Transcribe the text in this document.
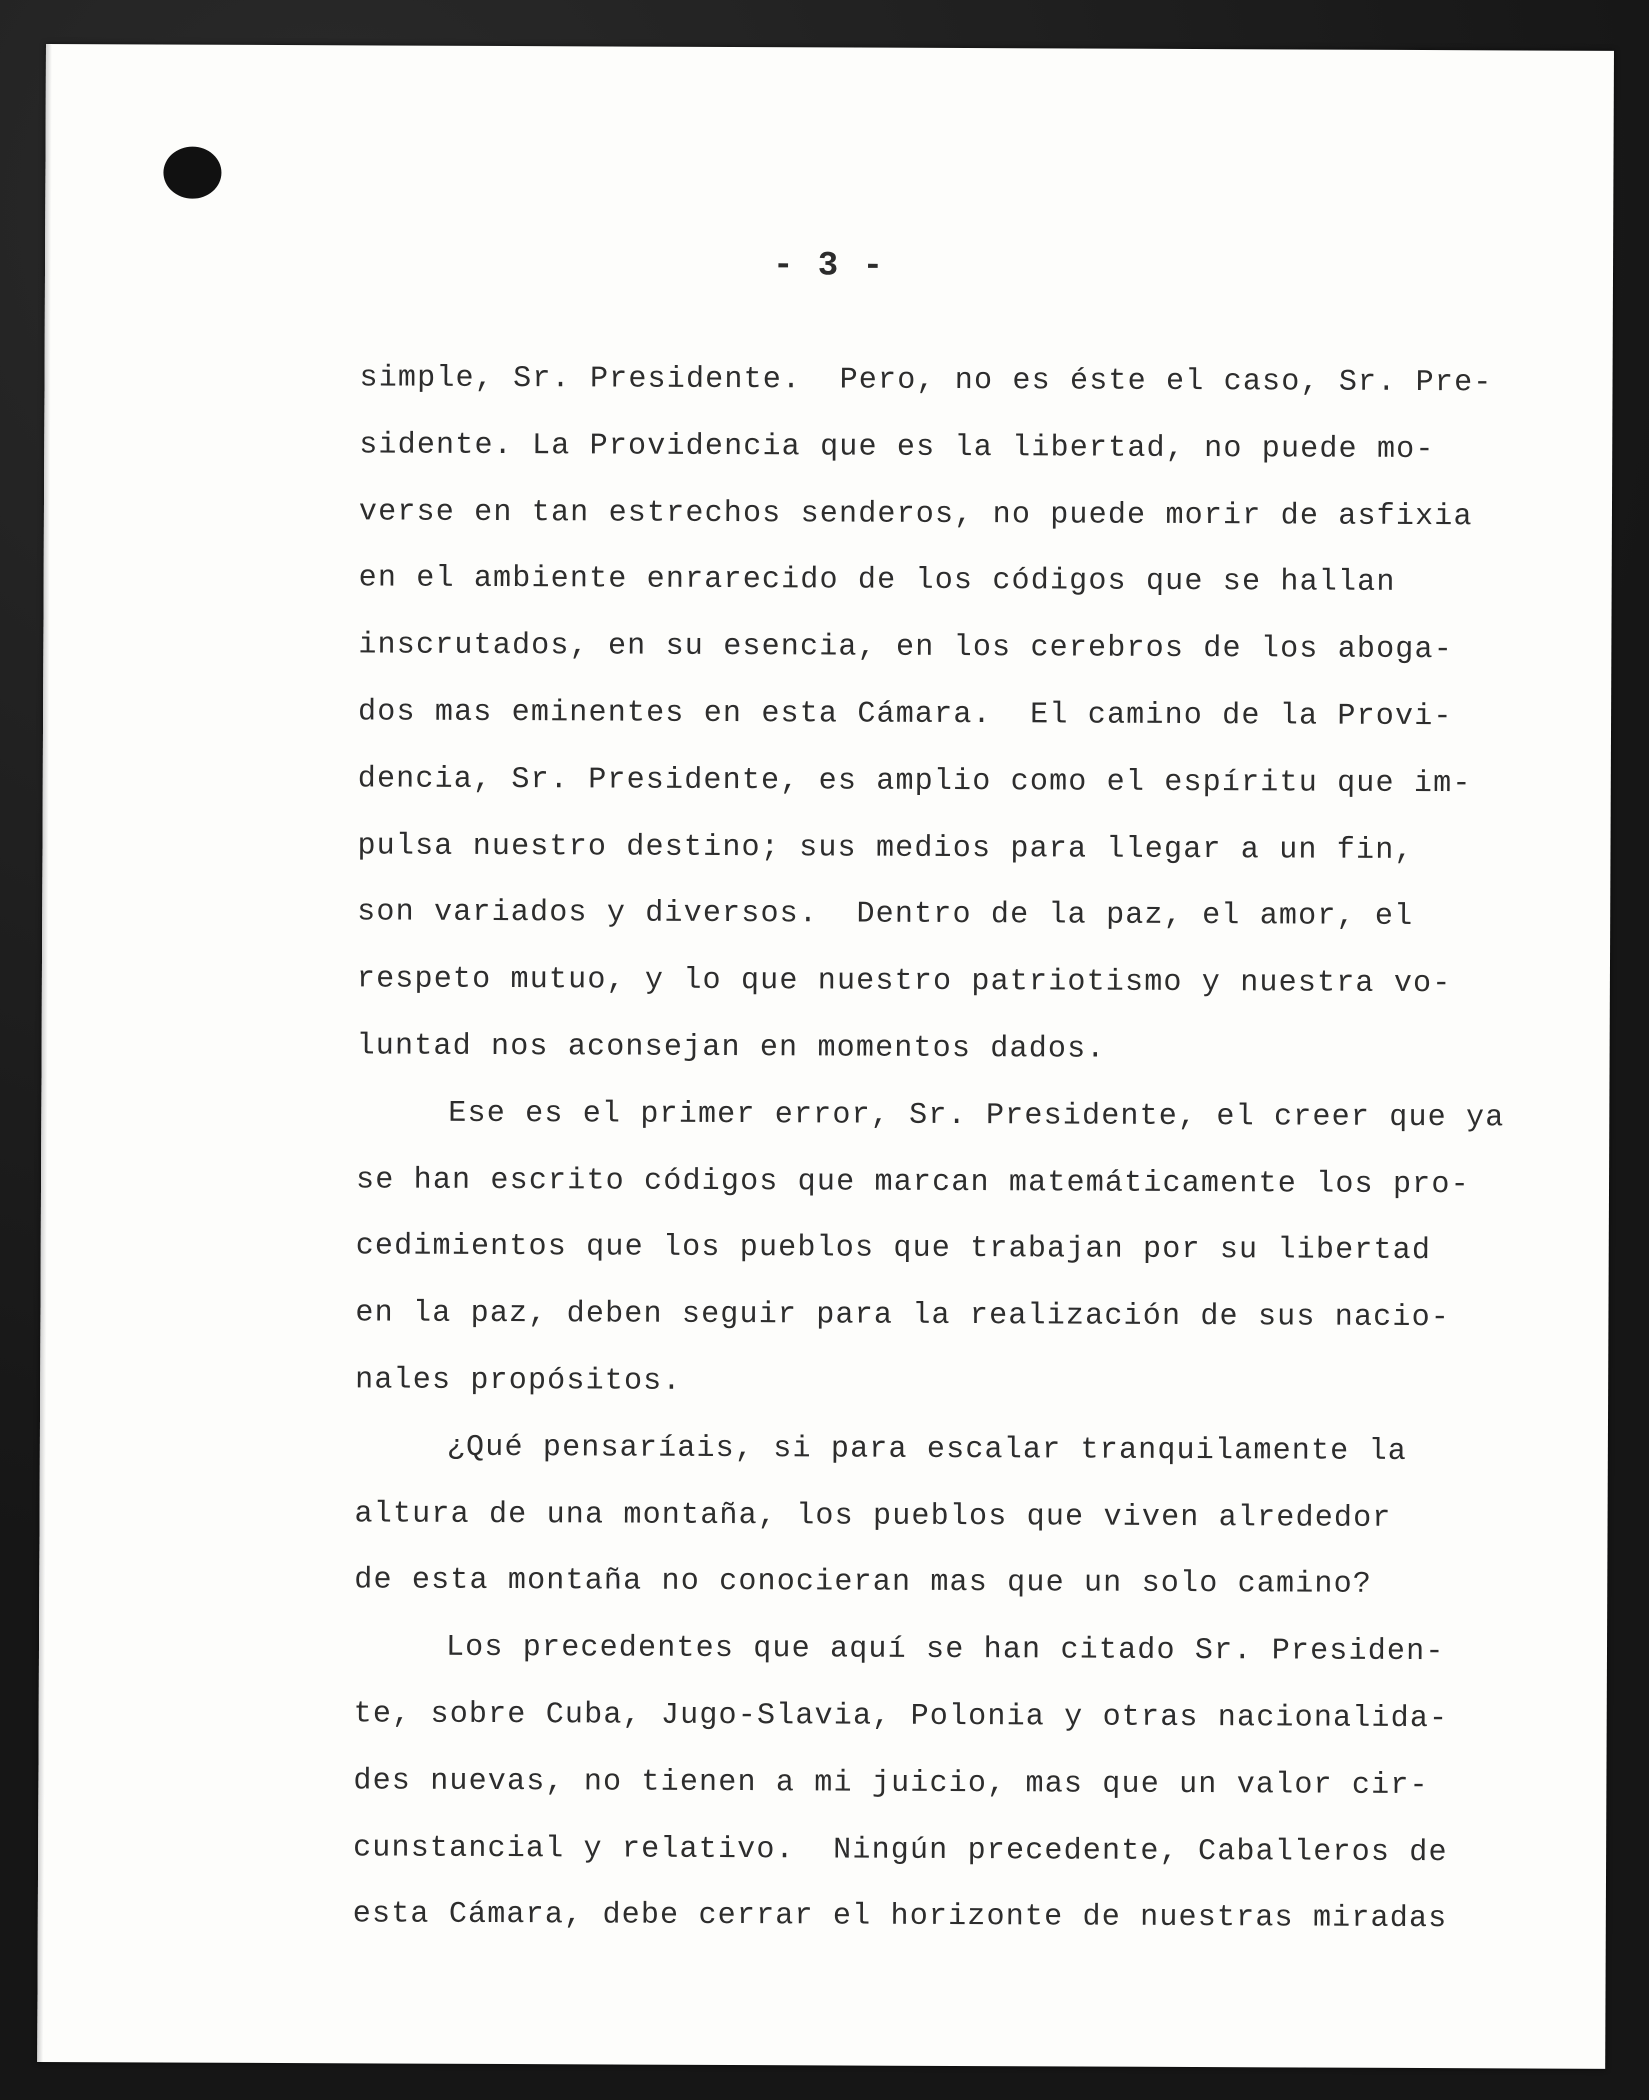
- 3 -
simple, Sr. Presidente.  Pero, no es éste el caso, Sr. Pre-
sidente. La Providencia que es la libertad, no puede mo-
verse en tan estrechos senderos, no puede morir de asfixia
en el ambiente enrarecido de los códigos que se hallan
inscrutados, en su esencia, en los cerebros de los aboga-
dos mas eminentes en esta Cámara.  El camino de la Provi-
dencia, Sr. Presidente, es amplio como el espíritu que im-
pulsa nuestro destino; sus medios para llegar a un fin,
son variados y diversos.  Dentro de la paz, el amor, el
respeto mutuo, y lo que nuestro patriotismo y nuestra vo-
luntad nos aconsejan en momentos dados.
Ese es el primer error, Sr. Presidente, el creer que ya
se han escrito códigos que marcan matemáticamente los pro-
cedimientos que los pueblos que trabajan por su libertad
en la paz, deben seguir para la realización de sus nacio-
nales propósitos.
¿Qué pensaríais, si para escalar tranquilamente la
altura de una montaña, los pueblos que viven alrededor
de esta montaña no conocieran mas que un solo camino?
Los precedentes que aquí se han citado Sr. Presiden-
te, sobre Cuba, Jugo-Slavia, Polonia y otras nacionalida-
des nuevas, no tienen a mi juicio, mas que un valor cir-
cunstancial y relativo.  Ningún precedente, Caballeros de
esta Cámara, debe cerrar el horizonte de nuestras miradas
